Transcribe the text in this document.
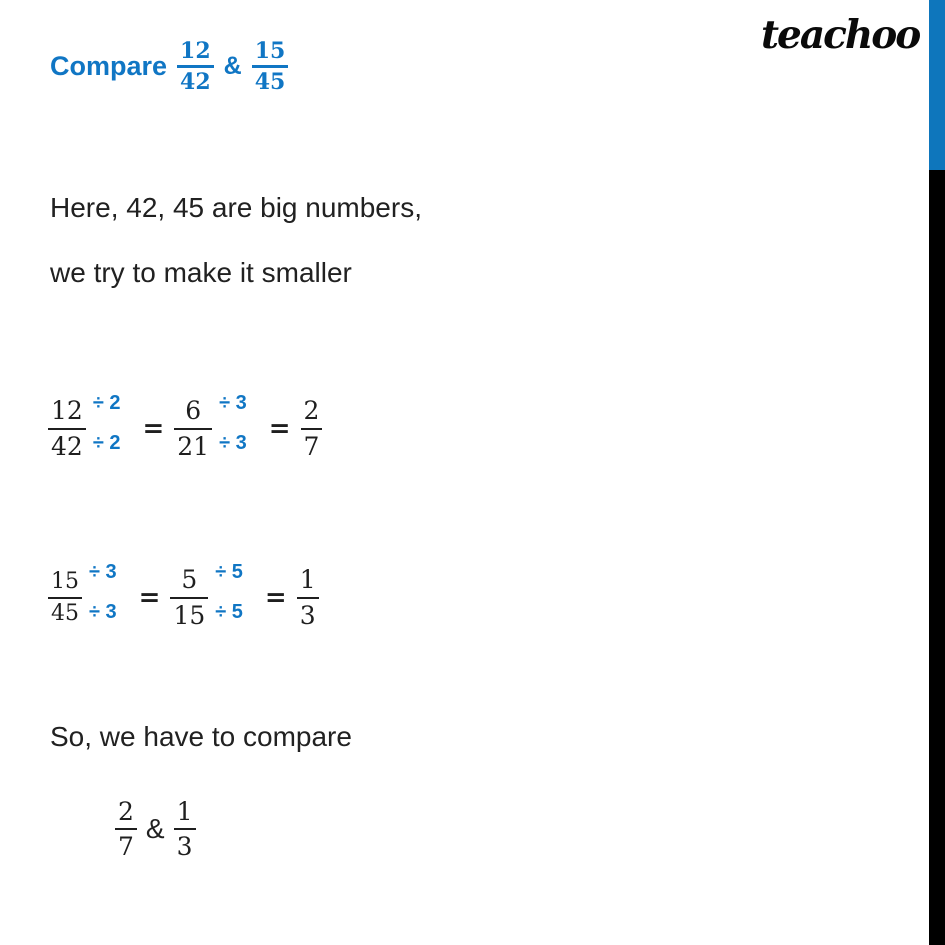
teachoo
Compare $\frac{12}{42}$ & $\frac{15}{45}$
Here, 42, 45 are big numbers,
we try to make it smaller
$\frac{12}{42} \div 2$
÷ $2 = \frac{6}{21} \div 3$
÷ $3 = \frac{2}{7}$
$\frac{15}{45} \div 3$
÷ $3 = \frac{5}{15} \div 5$
÷ $5 = \frac{1}{3}$
So, we have to compare
$\frac{2}{7}$ & $\frac{1}{3}$
